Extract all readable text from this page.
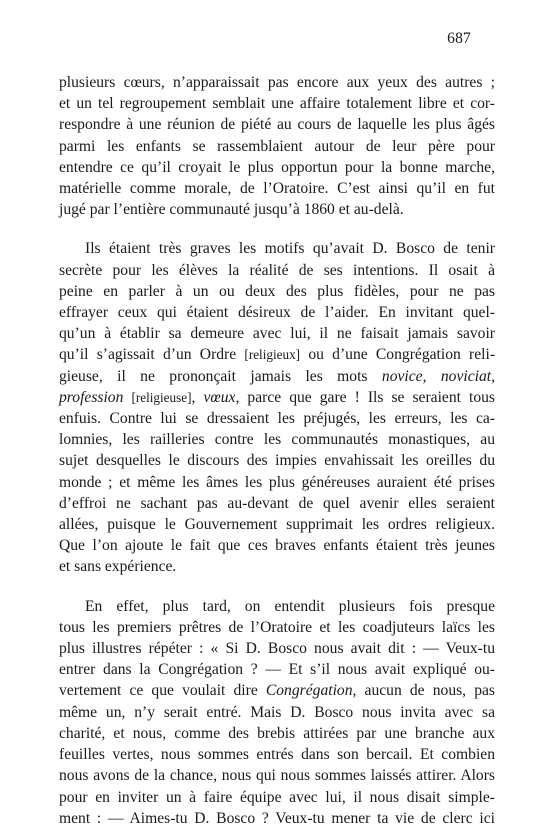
687
plusieurs cœurs, n’apparaissait pas encore aux yeux des autres ;
et un tel regroupement semblait une affaire totalement libre et cor-
respondre à une réunion de piété au cours de laquelle les plus âgés
parmi les enfants se rassemblaient autour de leur père pour
entendre ce qu’il croyait le plus opportun pour la bonne marche,
matérielle comme morale, de l’Oratoire. C’est ainsi qu’il en fut
jugé par l’entière communauté jusqu’à 1860 et au-delà.
Ils étaient très graves les motifs qu’avait D. Bosco de tenir
secrète pour les élèves la réalité de ses intentions. Il osait à
peine en parler à un ou deux des plus fidèles, pour ne pas
effrayer ceux qui étaient désireux de l’aider. En invitant quel-
qu’un à établir sa demeure avec lui, il ne faisait jamais savoir
qu’il s’agissait d’un Ordre [religieux] ou d’une Congrégation reli-
gieuse, il ne prononçait jamais les mots novice, noviciat,
profession [religieuse], vœux, parce que gare ! Ils se seraient tous
enfuis. Contre lui se dressaient les préjugés, les erreurs, les ca-
lomnies, les railleries contre les communautés monastiques, au
sujet desquelles le discours des impies envahissait les oreilles du
monde ; et même les âmes les plus généreuses auraient été prises
d’effroi ne sachant pas au-devant de quel avenir elles seraient
allées, puisque le Gouvernement supprimait les ordres religieux.
Que l’on ajoute le fait que ces braves enfants étaient très jeunes
et sans expérience.
En effet, plus tard, on entendit plusieurs fois presque
tous les premiers prêtres de l’Oratoire et les coadjuteurs laïcs les
plus illustres répéter : « Si D. Bosco nous avait dit : — Veux-tu
entrer dans la Congrégation ? — Et s’il nous avait expliqué ou-
vertement ce que voulait dire Congrégation, aucun de nous, pas
même un, n’y serait entré. Mais D. Bosco nous invita avec sa
charité, et nous, comme des brebis attirées par une branche aux
feuilles vertes, nous sommes entrés dans son bercail. Et combien
nous avons de la chance, nous qui nous sommes laissés attirer. Alors
pour en inviter un à faire équipe avec lui, il nous disait simple-
ment : — Aimes-tu D. Bosco ? Veux-tu mener ta vie de clerc ici
